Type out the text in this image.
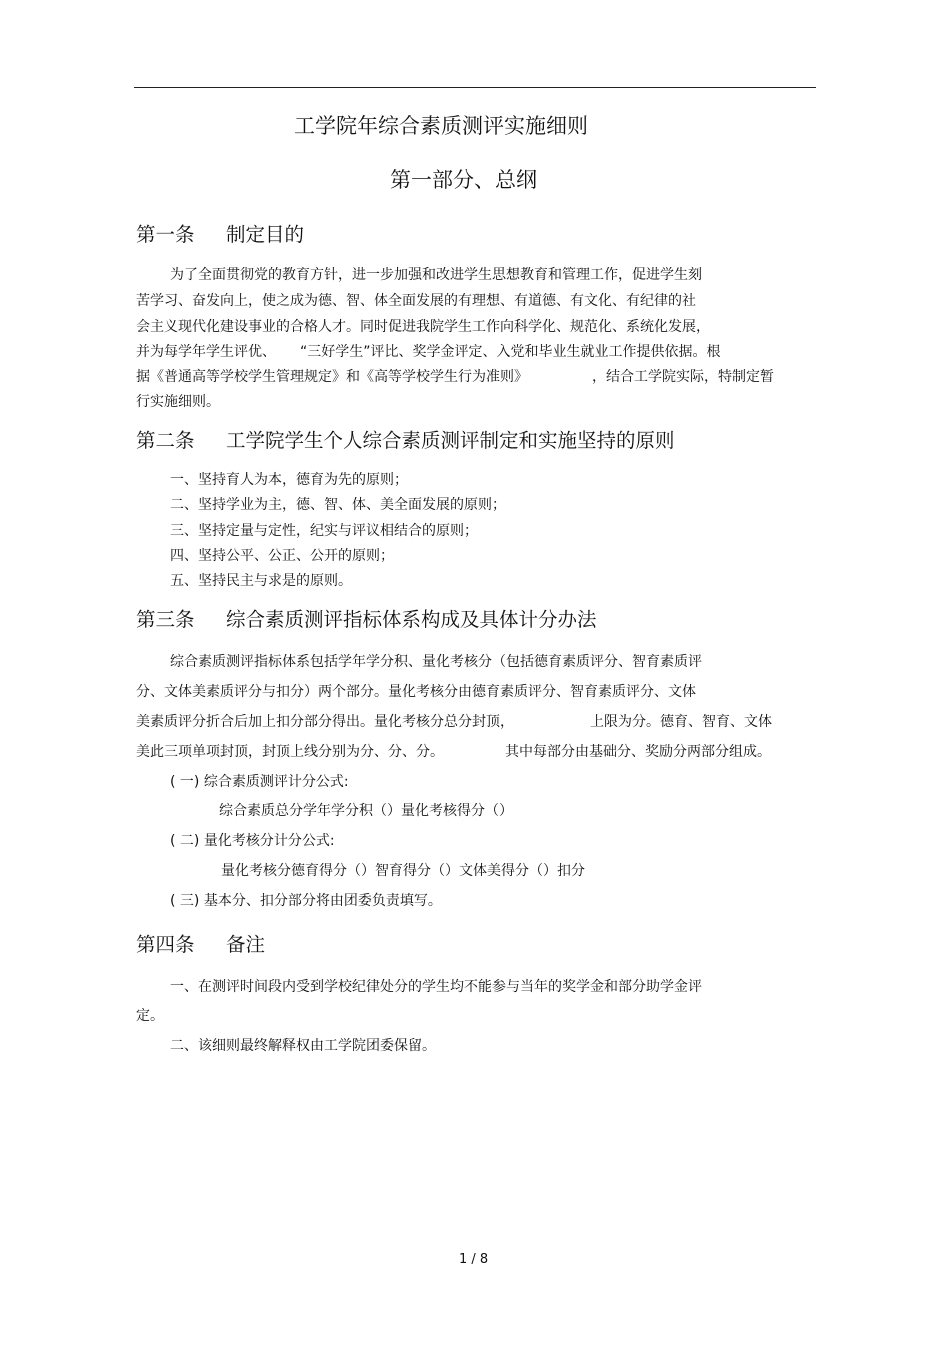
工学院年综合素质测评实施细则
第一部分、总纲
第一条 制定目的
为了全面贯彻党的教育方针，进一步加强和改进学生思想教育和管理工作，促进学生刻
苦学习、奋发向上，使之成为德、智、体全面发展的有理想、有道德、有文化、有纪律的社
会主义现代化建设事业的合格人才。同时促进我院学生工作向科学化、规范化、系统化发展，
并为每学年学生评优、 “三好学生”评比、奖学金评定、入党和毕业生就业工作提供依据。根
据《普通高等学校学生管理规定》和《高等学校学生行为准则》	，结合工学院实际，特制定暂
行实施细则。
第二条 工学院学生个人综合素质测评制定和实施坚持的原则
一、坚持育人为本，德育为先的原则；
二、坚持学业为主，德、智、体、美全面发展的原则；
三、坚持定量与定性，纪实与评议相结合的原则；
四、坚持公平、公正、公开的原则；
五、坚持民主与求是的原则。
第三条 综合素质测评指标体系构成及具体计分办法
综合素质测评指标体系包括学年学分积、量化考核分（包括德育素质评分、智育素质评
分、文体美素质评分与扣分）两个部分。量化考核分由德育素质评分、智育素质评分、文体
美素质评分折合后加上扣分部分得出。量化考核分总分封顶，	上限为分。德育、智育、文体
美此三项单项封顶，封顶上线分别为分、分、分。	其中每部分由基础分、奖励分两部分组成。
( 一) 综合素质测评计分公式:
综合素质总分学年学分积（）量化考核得分（）
( 二) 量化考核分计分公式:
量化考核分德育得分（）智育得分（）文体美得分（）扣分
( 三) 基本分、扣分部分将由团委负责填写。
第四条 备注
一、在测评时间段内受到学校纪律处分的学生均不能参与当年的奖学金和部分助学金评
定。
二、该细则最终解释权由工学院团委保留。
1 / 8
